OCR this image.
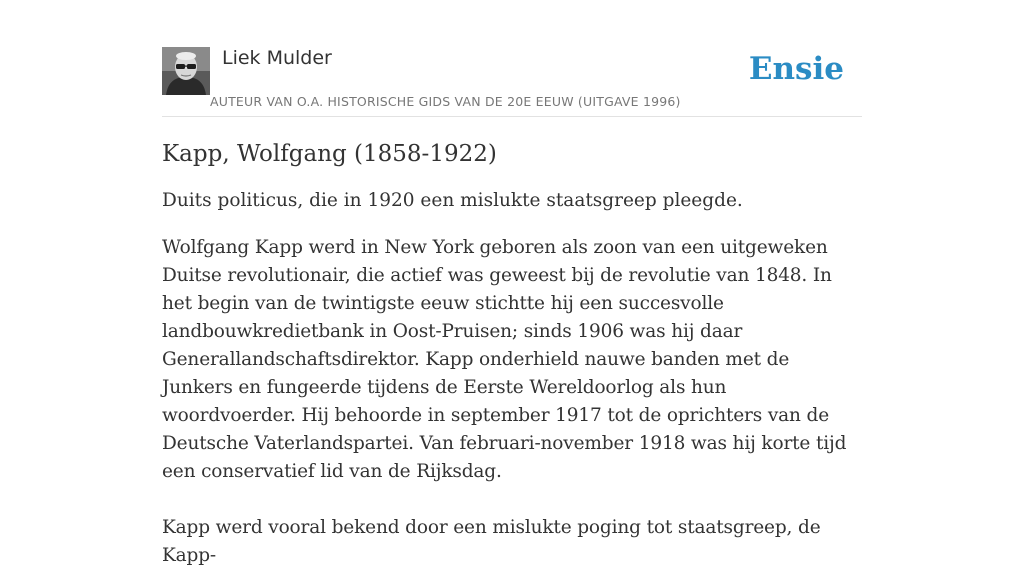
Liek Mulder
AUTEUR VAN O.A. HISTORISCHE GIDS VAN DE 20E EEUW (UITGAVE 1996)
Ensie
Kapp, Wolfgang (1858-1922)

Duits politicus, die in 1920 een mislukte staatsgreep pleegde.

Wolfgang Kapp werd in New York geboren als zoon van een uitgeweken Duitse revolutionair, die actief was geweest bij de revolutie van 1848. In het begin van de twintigste eeuw stichtte hij een succesvolle landbouwkredietbank in Oost-Pruisen; sinds 1906 was hij daar Generallandschaftsdirektor. Kapp onderhield nauwe banden met de Junkers en fungeerde tijdens de Eerste Wereldoorlog als hun woordvoerder. Hij behoorde in september 1917 tot de oprichters van de Deutsche Vaterlandspartei. Van februari-november 1918 was hij korte tijd een conservatief lid van de Rijksdag.

Kapp werd vooral bekend door een mislukte poging tot staatsgreep, de Kapp-
